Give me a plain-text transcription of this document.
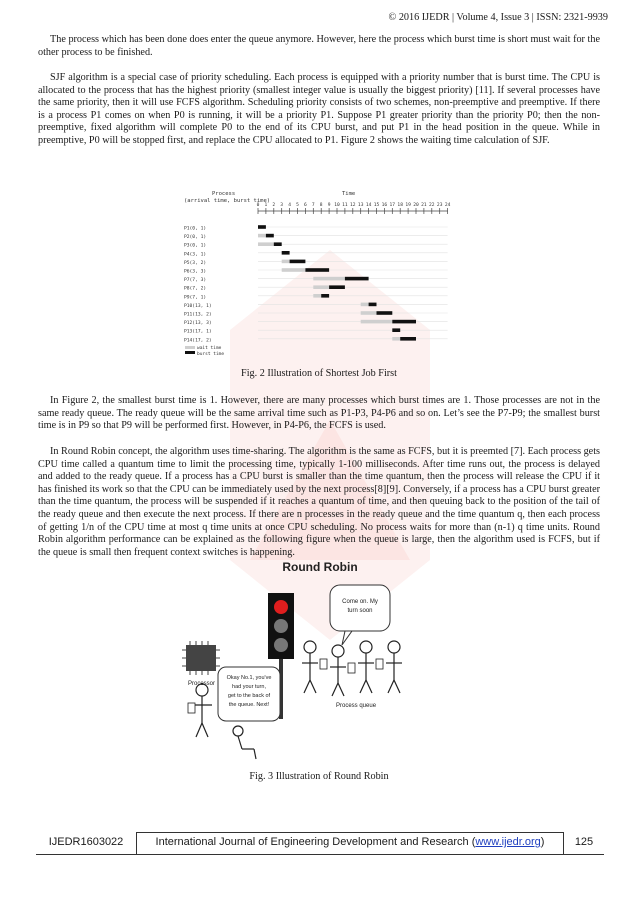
© 2016 IJEDR | Volume 4, Issue 3 | ISSN: 2321-9939

The process which has been done does enter the queue anymore. However, here the process which burst time is short must wait for the other process to be finished.

SJF algorithm is a special case of priority scheduling. Each process is equipped with a priority number that is burst time. The CPU is allocated to the process that has the highest priority (smallest integer value is usually the biggest priority) [11]. If several processes have the same priority, then it will use FCFS algorithm. Scheduling priority consists of two schemes, non-preemptive and preemptive. If there is a process P1 comes on when P0 is running, it will be a priority P1. Suppose P1 greater priority than the priority P0; then the non-preemptive, fixed algorithm will complete P0 to the end of its CPU burst, and put P1 in the head position in the queue. While in preemptive, P0 will be stopped first, and replace the CPU allocated to P1. Figure 2 shows the waiting time calculation of SJF.

Process
(arrival time, burst time)
Time
0 1 2 3 4 5 6 7 8 9 10 11 12 13 14 15 16 17 18 19 20 21 22 23 24
P1(0, 1)
P2(0, 1)
P3(0, 1)
P4(3, 1)
P5(3, 2)
P6(3, 3)
P7(7, 3)
P8(7, 2)
P9(7, 1)
P10(13, 1)
P11(13, 2)
P12(13, 3)
P13(17, 1)
P14(17, 2)
wait time
burst time
Fig. 2 Illustration of Shortest Job First

In Figure 2, the smallest burst time is 1. However, there are many processes which burst times are 1. Those processes are not in the same ready queue. The ready queue will be the same arrival time such as P1-P3, P4-P6 and so on. Let’s see the P7-P9; the smallest burst time is in P9 so that P9 will be performed first. However, in P4-P6, the FCFS is used.

In Round Robin concept, the algorithm uses time-sharing. The algorithm is the same as FCFS, but it is preemted [7]. Each process gets CPU time called a quantum time to limit the processing time, typically 1-100 milliseconds. After time runs out, the process is delayed and added to the ready queue. If a process has a CPU burst is smaller than the time quantum, then the process will release the CPU if it has finished its work so that the CPU can be immediately used by the next process[8][9]. Conversely, if a process has a CPU burst greater than the time quantum, the process will be suspended if it reaches a quantum of time, and then queuing back to the position of the tail of the ready queue and then execute the next process. If there are n processes in the ready queue and the time quantum q, then each process of getting 1/n of the CPU time at most q time units at once CPU scheduling. No process waits for more than (n-1) q time units. Round Robin algorithm performance can be explained as the following figure when the queue is large, then the algorithm used is FCFS, but if the queue is small then frequent context switches is happening.

Round Robin
Come on. My
turn soon
Okay No.1, you've
had your turn,
get to the back of
the queue. Next!
Processor
Process queue
Fig. 3 Illustration of Round Robin
IJEDR1603022	International Journal of Engineering Development and Research (www.ijedr.org)	125
